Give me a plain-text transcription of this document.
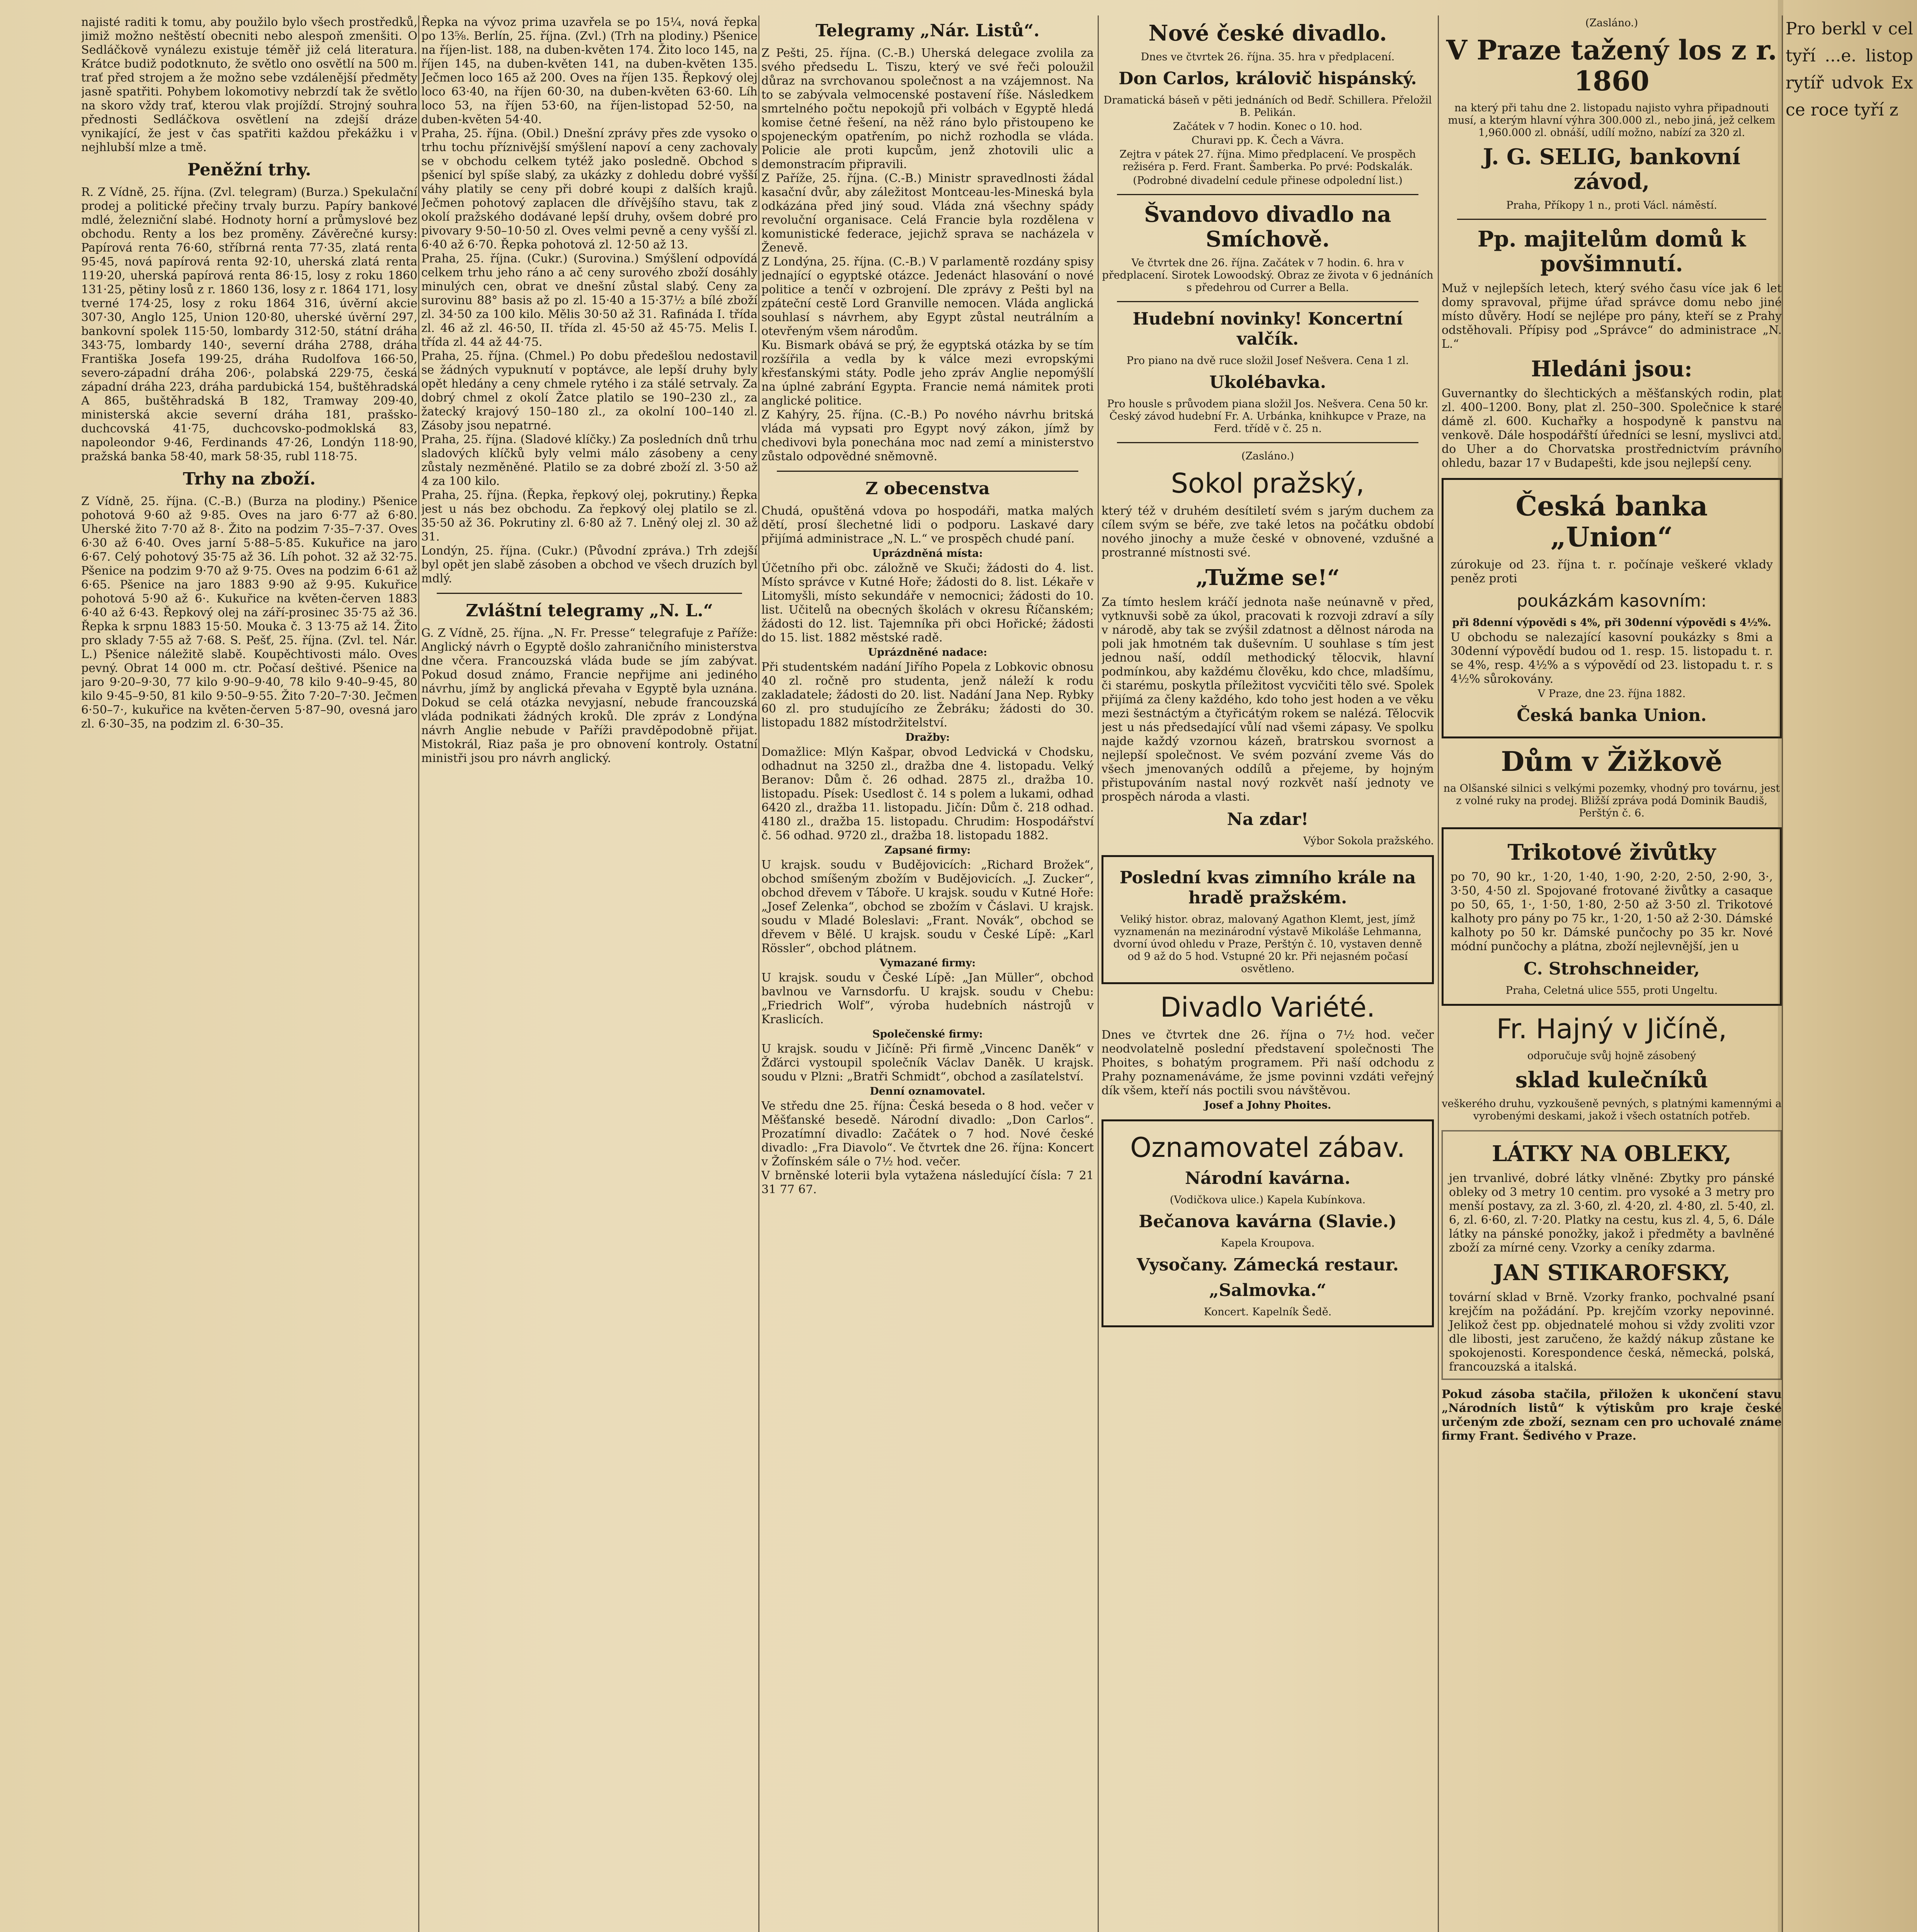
najisté raditi k tomu, aby použilo bylo všech prostředků, jimiž možno neštěstí obecniti nebo alespoň zmenšiti. O Sedláčkově vynálezu existuje téměř již celá literatura. Krátce budiž podotknuto, že světlo ono osvětlí na 500 m. trať před strojem a že možno sebe vzdálenější předměty jasně spatřiti. Pohybem lokomotivy nebrzdí tak že světlo na skoro vždy trať, kterou vlak projíždí. Strojný souhra přednosti Sedláčkova osvětlení na zdejší dráze vynikající, že jest v čas spatřiti každou překážku i v nejhlubší mlze a tmě.

Peněžní trhy.

R. Z Vídně, 25. října. (Zvl. telegram) (Burza.) Spekulační prodej a politické přečiny trvaly burzu. Papíry bankové mdlé, železniční slabé. Hodnoty horní a průmyslové bez obchodu. Renty a los bez proměny. Závěrečné kursy: Papírová renta 76·60, stříbrná renta 77·35, zlatá renta 95·45, nová papírová renta 92·10, uherská zlatá renta 119·20, uherská papírová renta 86·15, losy z roku 1860 131·25, pětiny losů z r. 1860 136, losy z r. 1864 171, losy tverné 174·25, losy z roku 1864 316, úvěrní akcie 307·30, Anglo 125, Union 120·80, uherské úvěrní 297, bankovní spolek 115·50, lombardy 312·50, státní dráha 343·75, lombardy 140·, severní dráha 2788, dráha Františka Josefa 199·25, dráha Rudolfova 166·50, severo-západní dráha 206·, polabská 229·75, česká západní dráha 223, dráha pardubická 154, buštěhradská A 865, buštěhradská B 182, Tramway 209·40, ministerská akcie severní dráha 181, prašsko-duchcovská 41·75, duchcovsko-podmoklská 83, napoleondor 9·46, Ferdinands 47·26, Londýn 118·90, pražská banka 58·40, mark 58·35, rubl 118·75.

Trhy na zboží.

Z Vídně, 25. října. (C.-B.) (Burza na plodiny.) Pšenice pohotová 9·60 až 9·85. Oves na jaro 6·77 až 6·80. Uherské žito 7·70 až 8·. Žito na podzim 7·35–7·37. Oves 6·30 až 6·40. Oves jarní 5·88–5·85. Kukuřice na jaro 6·67. Celý pohotový 35·75 až 36. Líh pohot. 32 až 32·75. Pšenice na podzim 9·70 až 9·75. Oves na podzim 6·61 až 6·65. Pšenice na jaro 1883 9·90 až 9·95. Kukuřice pohotová 5·90 až 6·. Kukuřice na květen-červen 1883 6·40 až 6·43. Řepkový olej na září-prosinec 35·75 až 36. Řepka k srpnu 1883 15·50. Mouka č. 3 13·75 až 14. Žito pro sklady 7·55 až 7·68. S. Pešť, 25. října. (Zvl. tel. Nár. L.) Pšenice náležitě slabě. Koupěchtivosti málo. Oves pevný. Obrat 14 000 m. ctr. Počasí deštivé. Pšenice na jaro 9·20–9·30, 77 kilo 9·90–9·40, 78 kilo 9·40–9·45, 80 kilo 9·45–9·50, 81 kilo 9·50–9·55. Žito 7·20–7·30. Ječmen 6·50–7·, kukuřice na květen-červen 5·87–90, ovesná jaro zl. 6·30–35, na podzim zl. 6·30–35.

Řepka na vývoz prima uzavřela se po 15¼, nová řepka po 13⅝. Berlín, 25. října. (Zvl.) (Trh na plodiny.) Pšenice na říjen-list. 188, na duben-květen 174. Žito loco 145, na říjen 145, na duben-květen 141, na duben-květen 135. Ječmen loco 165 až 200. Oves na říjen 135. Řepkový olej loco 63·40, na říjen 60·30, na duben-květen 63·60. Líh loco 53, na říjen 53·60, na říjen-listopad 52·50, na duben-květen 54·40.

Praha, 25. října. (Obil.) Dnešní zprávy přes zde vysoko o trhu tochu příznivější smýšlení napoví a ceny zachovaly se v obchodu celkem tytéž jako posledně. Obchod s pšenicí byl spíše slabý, za ukázky z dohledu dobré vyšší váhy platily se ceny při dobré koupi z dalších krajů. Ječmen pohotový zaplacen dle dřívějšího stavu, tak z okolí pražského dodávané lepší druhy, ovšem dobré pro pivovary 9·50–10·50 zl. Oves velmi pevně a ceny vyšší zl. 6·40 až 6·70. Řepka pohotová zl. 12·50 až 13.

Praha, 25. října. (Cukr.) (Surovina.) Smýšlení odpovídá celkem trhu jeho ráno a ač ceny surového zboží dosáhly minulých cen, obrat ve dnešní zůstal slabý. Ceny za surovinu 88° basis až po zl. 15·40 a 15·37½ a bílé zboží zl. 34·50 za 100 kilo. Mělis 30·50 až 31. Rafináda I. třída zl. 46 až zl. 46·50, II. třída zl. 45·50 až 45·75. Melis I. třída zl. 44 až 44·75.

Praha, 25. října. (Chmel.) Po dobu předešlou nedostavil se žádných vypuknutí v poptávce, ale lepší druhy byly opět hledány a ceny chmele rytého i za stálé setrvaly. Za dobrý chmel z okolí Žatce platilo se 190–230 zl., za žatecký krajový 150–180 zl., za okolní 100–140 zl. Zásoby jsou nepatrné.

Praha, 25. října. (Sladové klíčky.) Za posledních dnů trhu sladových klíčků byly velmi málo zásobeny a ceny zůstaly nezměněné. Platilo se za dobré zboží zl. 3·50 až 4 za 100 kilo.

Praha, 25. října. (Řepka, řepkový olej, pokrutiny.) Řepka jest u nás bez obchodu. Za řepkový olej platilo se zl. 35·50 až 36. Pokrutiny zl. 6·80 až 7. Lněný olej zl. 30 až 31.

Londýn, 25. října. (Cukr.) (Původní zpráva.) Trh zdejší byl opět jen slabě zásoben a obchod ve všech druzích byl mdlý.

Zvláštní telegramy „N. L.“

G. Z Vídně, 25. října. „N. Fr. Presse“ telegrafuje z Paříže: Anglický návrh o Egyptě došlo zahraničního ministerstva dne včera. Francouzská vláda bude se jím zabývat. Pokud dosud známo, Francie nepřijme ani jediného návrhu, jímž by anglická převaha v Egyptě byla uznána. Dokud se celá otázka nevyjasní, nebude francouzská vláda podnikati žádných kroků. Dle zpráv z Londýna návrh Anglie nebude v Paříži pravděpodobně přijat. Mistokrál, Riaz paša je pro obnovení kontroly. Ostatní ministři jsou pro návrh anglický.

Telegramy „Nár. Listů“.

Z Pešti, 25. října. (C.-B.) Uherská delegace zvolila za svého předsedu L. Tiszu, který ve své řeči poloužil důraz na svrchovanou společnost a na vzájemnost. Na to se zabývala velmocenské postavení říše. Následkem smrtelného počtu nepokojů při volbách v Egyptě hledá komise četné řešení, na něž ráno bylo přistoupeno ke spojeneckým opatřením, po nichž rozhodla se vláda. Policie ale proti kupcům, jenž zhotovili ulic a demonstracím připravili.

Z Paříže, 25. října. (C.-B.) Ministr spravedlnosti žádal kasační dvůr, aby záležitost Montceau-les-Mineská byla odkázána před jiný soud. Vláda zná všechny spády revoluční organisace. Celá Francie byla rozdělena v komunistické federace, jejichž sprava se nacházela v Ženevě.

Z Londýna, 25. října. (C.-B.) V parlamentě rozdány spisy jednající o egyptské otázce. Jedenáct hlasování o nové politice a tenčí v ozbrojení. Dle zprávy z Pešti byl na zpáteční cestě Lord Granville nemocen. Vláda anglická souhlasí s návrhem, aby Egypt zůstal neutrálním a otevřeným všem národům.

Ku. Bismark obává se prý, že egyptská otázka by se tím rozšířila a vedla by k válce mezi evropskými křesťanskými státy. Podle jeho zpráv Anglie nepomýšlí na úplné zabrání Egypta. Francie nemá námitek proti anglické politice.

Z Kahýry, 25. října. (C.-B.) Po nového návrhu britská vláda má vypsati pro Egypt nový zákon, jímž by chedivovi byla ponechána moc nad zemí a ministerstvo zůstalo odpovědné sněmovně.

Z obecenstva

Chudá, opuštěná vdova po hospodáři, matka malých dětí, prosí šlechetné lidi o podporu. Laskavé dary přijímá administrace „N. L.“ ve prospěch chudé paní.

Uprázdněná místa:

Účetního při obc. záložně ve Skuči; žádosti do 4. list. Místo správce v Kutné Hoře; žádosti do 8. list. Lékaře v Litomyšli, místo sekundáře v nemocnici; žádosti do 10. list. Učitelů na obecných školách v okresu Říčanském; žádosti do 12. list. Tajemníka při obci Hořické; žádosti do 15. list. 1882 městské radě.

Uprázdněné nadace:

Při studentském nadání Jiřího Popela z Lobkovic obnosu 40 zl. ročně pro studenta, jenž náleží k rodu zakladatele; žádosti do 20. list. Nadání Jana Nep. Rybky 60 zl. pro studujícího ze Žebráku; žádosti do 30. listopadu 1882 místodržitelství.

Dražby:

Domažlice: Mlýn Kašpar, obvod Ledvická v Chodsku, odhadnut na 3250 zl., dražba dne 4. listopadu. Velký Beranov: Dům č. 26 odhad. 2875 zl., dražba 10. listopadu. Písek: Usedlost č. 14 s polem a lukami, odhad 6420 zl., dražba 11. listopadu. Jičín: Dům č. 218 odhad. 4180 zl., dražba 15. listopadu. Chrudim: Hospodářství č. 56 odhad. 9720 zl., dražba 18. listopadu 1882.

Zapsané firmy:

U krajsk. soudu v Budějovicích: „Richard Brožek“, obchod smíšeným zbožím v Budějovicích. „J. Zucker“, obchod dřevem v Táboře. U krajsk. soudu v Kutné Hoře: „Josef Zelenka“, obchod se zbožím v Čáslavi. U krajsk. soudu v Mladé Boleslavi: „Frant. Novák“, obchod se dřevem v Bělé. U krajsk. soudu v České Lípě: „Karl Rössler“, obchod plátnem.

Vymazané firmy:

U krajsk. soudu v České Lípě: „Jan Müller“, obchod bavlnou ve Varnsdorfu. U krajsk. soudu v Chebu: „Friedrich Wolf“, výroba hudebních nástrojů v Kraslicích.

Společenské firmy:

U krajsk. soudu v Jičíně: Při firmě „Vincenc Daněk“ v Žďárci vystoupil společník Václav Daněk. U krajsk. soudu v Plzni: „Bratři Schmidt“, obchod a zasílatelství.

Denní oznamovatel.

Ve středu dne 25. října: Česká beseda o 8 hod. večer v Měšťanské besedě. Národní divadlo: „Don Carlos“. Prozatímní divadlo: Začátek o 7 hod. Nové české divadlo: „Fra Diavolo“. Ve čtvrtek dne 26. října: Koncert v Žofínském sále o 7½ hod. večer.

V brněnské loterii byla vytažena následující čísla: 7 21 31 77 67.

Nové české divadlo.

Dnes ve čtvrtek 26. října. 35. hra v předplacení.

Don Carlos, královič hispánský.

Dramatická báseň v pěti jednáních od Bedř. Schillera. Přeložil B. Pelikán.

Začátek v 7 hodin. Konec o 10. hod.

Churavi pp. K. Čech a Vávra.

Zejtra v pátek 27. října. Mimo předplacení. Ve prospěch režiséra p. Ferd. Frant. Šamberka. Po prvé: Podskalák.

(Podrobné divadelní cedule přinese odpolední list.)

Švandovo divadlo na Smíchově.

Ve čtvrtek dne 26. října. Začátek v 7 hodin. 6. hra v předplacení. Sirotek Lowoodský. Obraz ze života v 6 jednáních s předehrou od Currer a Bella.

Hudební novinky! Koncertní valčík.

Pro piano na dvě ruce složil Josef Nešvera. Cena 1 zl.

Ukolébavka.

Pro housle s průvodem piana složil Jos. Nešvera. Cena 50 kr. Český závod hudební Fr. A. Urbánka, knihkupce v Praze, na Ferd. třídě v č. 25 n.

(Zasláno.)

Sokol pražský,

který též v druhém desítiletí svém s jarým duchem za cílem svým se béře, zve také letos na počátku období nového jinochy a muže české v obnovené, vzdušné a prostranné místnosti své.

„Tužme se!“

Za tímto heslem kráčí jednota naše neúnavně v před, vytknuvši sobě za úkol, pracovati k rozvoji zdraví a síly v národě, aby tak se zvýšil zdatnost a dělnost národa na poli jak hmotném tak duševním. U souhlase s tím jest jednou naší, oddíl methodický tělocvik, hlavní podmínkou, aby každému člověku, kdo chce, mladšímu, či starému, poskytla příležitost vycvičiti tělo své. Spolek přijímá za členy každého, kdo toho jest hoden a ve věku mezi šestnáctým a čtyřicátým rokem se nalézá. Tělocvik jest u nás předsedající vůlí nad všemi zápasy. Ve spolku najde každý vzornou kázeň, bratrskou svornost a nejlepší společnost. Ve svém pozvání zveme Vás do všech jmenovaných oddílů a přejeme, by hojným přistupováním nastal nový rozkvět naší jednoty ve prospěch národa a vlasti.

Na zdar!

Výbor Sokola pražského.

Poslední kvas zimního krále na hradě pražském.

Veliký histor. obraz, malovaný Agathon Klemt, jest, jímž vyznamenán na mezinárodní výstavě Mikoláše Lehmanna, dvorní úvod ohledu v Praze, Perštýn č. 10, vystaven denně od 9 až do 5 hod. Vstupné 20 kr. Při nejasném počasí osvětleno.

Divadlo Variété.

Dnes ve čtvrtek dne 26. října o 7½ hod. večer neodvolatelně poslední představení společnosti The Phoites, s bohatým programem. Při naší odchodu z Prahy poznamenáváme, že jsme povinni vzdáti veřejný dík všem, kteří nás poctili svou návštěvou.

Josef a Johny Phoites.

Oznamovatel zábav.
Národní kavárna.

(Vodičkova ulice.) Kapela Kubínkova.

Bečanova kavárna (Slavie.)

Kapela Kroupova.

Vysočany. Zámecká restaur.
„Salmovka.“

Koncert. Kapelník Šedě.

(Zasláno.)

V Praze tažený los z r. 1860

na který při tahu dne 2. listopadu najisto vyhra připadnouti musí, a kterým hlavní výhra 300.000 zl., nebo jiná, jež celkem 1,960.000 zl. obnáší, udílí možno, nabízí za 320 zl.

J. G. SELIG, bankovní závod,

Praha, Příkopy 1 n., proti Václ. náměstí.

Pp. majitelům domů k povšimnutí.

Muž v nejlepších letech, který svého času více jak 6 let domy spravoval, přijme úřad správce domu nebo jiné místo důvěry. Hodí se nejlépe pro pány, kteří se z Prahy odstěhovali. Přípisy pod „Správce“ do administrace „N. L.“

Hledáni jsou:

Guvernantky do šlechtických a měšťanských rodin, plat zl. 400–1200. Bony, plat zl. 250–300. Společnice k staré dámě zl. 600. Kuchařky a hospodyně k panstvu na venkově. Dále hospodářští úředníci se lesní, myslivci atd. do Uher a do Chorvatska prostřednictvím právního ohledu, bazar 17 v Budapešti, kde jsou nejlepší ceny.

Česká banka „Union“

zúrokuje od 23. října t. r. počínaje veškeré vklady peněz proti

poukázkám kasovním:

při 8denní výpovědi s 4%, při 30denní výpovědi s 4½%.

U obchodu se nalezající kasovní poukázky s 8mi a 30denní výpovědí budou od 1. resp. 15. listopadu t. r. se 4%, resp. 4½% a s výpovědí od 23. listopadu t. r. s 4½% sůrokovány.

V Praze, dne 23. října 1882.

Česká banka Union.
Dům v Žižkově

na Olšanské silnici s velkými pozemky, vhodný pro továrnu, jest z volné ruky na prodej. Bližší zpráva podá Dominik Baudiš, Perštýn č. 6.

Trikotové živůtky

po 70, 90 kr., 1·20, 1·40, 1·90, 2·20, 2·50, 2·90, 3·, 3·50, 4·50 zl. Spojované frotované živůtky a casaque po 50, 65, 1·, 1·50, 1·80, 2·50 až 3·50 zl. Trikotové kalhoty pro pány po 75 kr., 1·20, 1·50 až 2·30. Dámské kalhoty po 50 kr. Dámské punčochy po 35 kr. Nové módní punčochy a plátna, zboží nejlevnější, jen u

C. Strohschneider,

Praha, Celetná ulice 555, proti Ungeltu.

Fr. Hajný v Jičíně,

odporučuje svůj hojně zásobený

sklad kulečníků

veškerého druhu, vyzkoušeně pevných, s platnými kamennými a vyrobenými deskami, jakož i všech ostatních potřeb.

LÁTKY NA OBLEKY,

jen trvanlivé, dobré látky vlněné: Zbytky pro pánské obleky od 3 metry 10 centim. pro vysoké a 3 metry pro menší postavy, za zl. 3·60, zl. 4·20, zl. 4·80, zl. 5·40, zl. 6, zl. 6·60, zl. 7·20. Platky na cestu, kus zl. 4, 5, 6. Dále látky na pánské ponožky, jakož i předměty a bavlněné zboží za mírné ceny. Vzorky a ceníky zdarma.

JAN STIKAROFSKY,

tovární sklad v Brně. Vzorky franko, pochvalné psaní krejčím na požádání. Pp. krejčím vzorky nepovinné. Jelikož čest pp. objednatelé mohou si vždy zvoliti vzor dle libosti, jest zaručeno, že každý nákup zůstane ke spokojenosti. Korespondence česká, německá, polská, francouzská a italská.

Pokud zásoba stačila, přiložen k ukončení stavu „Národních listů“ k výtiskům pro kraje české určeným zde zboží, seznam cen pro uchovalé známe firmy Frant. Šedivého v Praze.

Pro berkl v cel tyří ...e. listop rytíř udvok Exce roce tyří z
